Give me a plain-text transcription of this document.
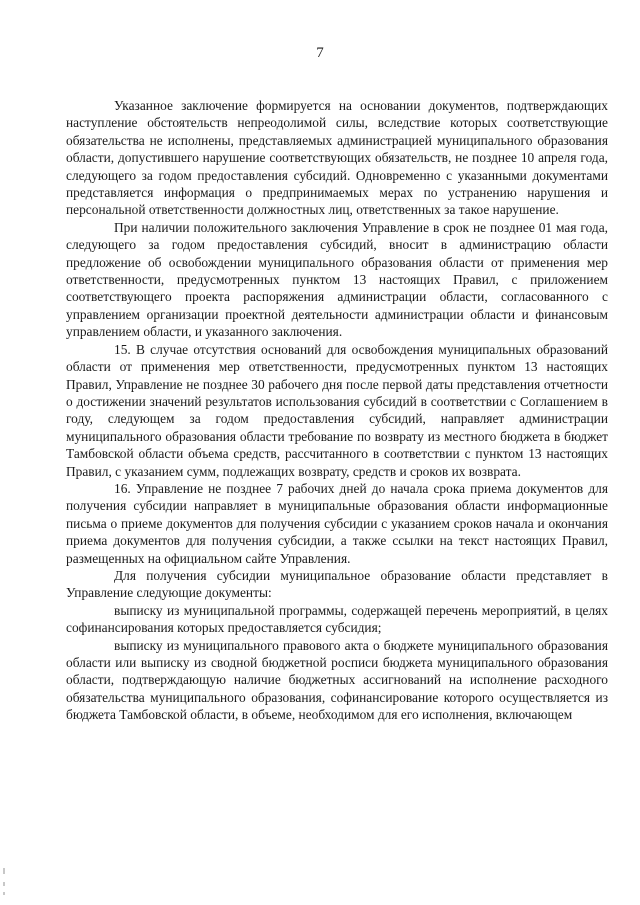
7

Указанное заключение формируется на основании документов, подтверждающих наступление обстоятельств непреодолимой силы, вследствие которых соответствующие обязательства не исполнены, представляемых администрацией муниципального образования области, допустившего нарушение соответствующих обязательств, не позднее 10 апреля года, следующего за годом предоставления субсидий. Одновременно с указанными документами представляется информация о предпринимаемых мерах по устранению нарушения и персональной ответственности должностных лиц, ответственных за такое нарушение.

При наличии положительного заключения Управление в срок не позднее 01 мая года, следующего за годом предоставления субсидий, вносит в администрацию области предложение об освобождении муниципального образования области от применения мер ответственности, предусмотренных пунктом 13 настоящих Правил, с приложением соответствующего проекта распоряжения администрации области, согласованного с управлением организации проектной деятельности администрации области и финансовым управлением области, и указанного заключения.

15. В случае отсутствия оснований для освобождения муниципальных образований области от применения мер ответственности, предусмотренных пунктом 13 настоящих Правил, Управление не позднее 30 рабочего дня после первой даты представления отчетности о достижении значений результатов использования субсидий в соответствии с Соглашением в году, следующем за годом предоставления субсидий, направляет администрации муниципального образования области требование по возврату из местного бюджета в бюджет Тамбовской области объема средств, рассчитанного в соответствии с пунктом 13 настоящих Правил, с указанием сумм, подлежащих возврату, средств и сроков их возврата.

16. Управление не позднее 7 рабочих дней до начала срока приема документов для получения субсидии направляет в муниципальные образования области информационные письма о приеме документов для получения субсидии с указанием сроков начала и окончания приема документов для получения субсидии, а также ссылки на текст настоящих Правил, размещенных на официальном сайте Управления.

Для получения субсидии муниципальное образование области представляет в Управление следующие документы:

выписку из муниципальной программы, содержащей перечень мероприятий, в целях софинансирования которых предоставляется субсидия;

выписку из муниципального правового акта о бюджете муниципального образования области или выписку из сводной бюджетной росписи бюджета муниципального образования области, подтверждающую наличие бюджетных ассигнований на исполнение расходного обязательства муниципального образования, софинансирование которого осуществляется из бюджета Тамбовской области, в объеме, необходимом для его исполнения, включающем
